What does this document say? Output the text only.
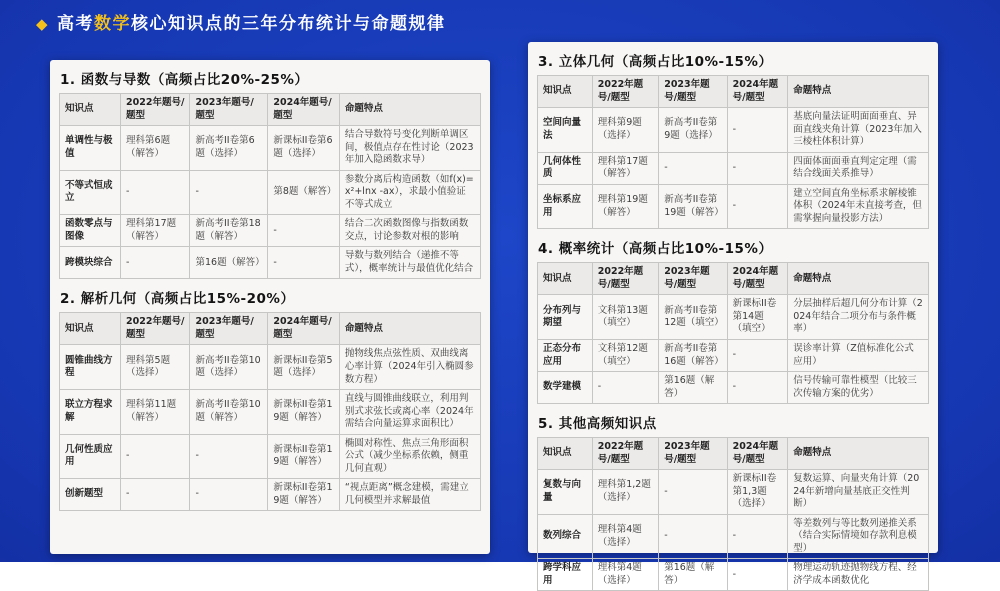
◆ 高考数学核心知识点的三年分布统计与命题规律
1. 函数与导数（高频占比20%-25%）
知识点	2022年题号/题型	2023年题号/题型	2024年题号/题型	命题特点
单调性与极值	理科第6题（解答）	新高考II卷第6题（选择）	新课标II卷第6题（选择）	结合导数符号变化判断单调区间，极值点存在性讨论（2023年加入隐函数求导）
不等式恒成立	-	-	第8题（解答）	参数分离后构造函数（如f(x)=x²+lnx -ax），求最小值验证不等式成立
函数零点与图像	理科第17题（解答）	新高考II卷第18题（解答）	-	结合二次函数图像与指数函数交点，讨论参数对根的影响
跨模块综合	-	第16题（解答）	-	导数与数列结合（递推不等式），概率统计与最值优化结合
2. 解析几何（高频占比15%-20%）
知识点	2022年题号/题型	2023年题号/题型	2024年题号/题型	命题特点
圆锥曲线方程	理科第5题（选择）	新高考II卷第10题（选择）	新课标II卷第5题（选择）	抛物线焦点弦性质、双曲线离心率计算（2024年引入椭圆参数方程）
联立方程求解	理科第11题（解答）	新高考II卷第10题（解答）	新课标II卷第19题（解答）	直线与圆锥曲线联立，利用判别式求弦长或离心率（2024年需结合向量运算求面积比）
几何性质应用	-	-	新课标II卷第19题（解答）	椭圆对称性、焦点三角形面积公式（减少坐标系依赖，侧重几何直观）
创新题型	-	-	新课标II卷第19题（解答）	“视点距离”概念建模，需建立几何模型并求解最值
3. 立体几何（高频占比10%-15%）
知识点	2022年题号/题型	2023年题号/题型	2024年题号/题型	命题特点
空间向量法	理科第9题（选择）	新高考II卷第9题（选择）	-	基底向量法证明面面垂直、异面直线夹角计算（2023年加入三棱柱体积计算）
几何体性质	理科第17题（解答）	-	-	四面体面面垂直判定定理（需结合线面关系推导）
坐标系应用	理科第19题（解答）	新高考II卷第19题（解答）	-	建立空间直角坐标系求解棱锥体积（2024年未直接考查，但需掌握向量投影方法）
4. 概率统计（高频占比10%-15%）
知识点	2022年题号/题型	2023年题号/题型	2024年题号/题型	命题特点
分布列与期望	文科第13题（填空）	新高考II卷第12题（填空）	新课标II卷第14题（填空）	分层抽样后超几何分布计算（2024年结合二项分布与条件概率）
正态分布应用	文科第12题（填空）	新高考II卷第16题（解答）	-	误诊率计算（Z值标准化公式应用）
数学建模	-	第16题（解答）	-	信号传输可靠性模型（比较三次传输方案的优劣）
5. 其他高频知识点
知识点	2022年题号/题型	2023年题号/题型	2024年题号/题型	命题特点
复数与向量	理科第1,2题（选择）	-	新课标II卷第1,3题（选择）	复数运算、向量夹角计算（2024年新增向量基底正交性判断）
数列综合	理科第4题（选择）	-	-	等差数列与等比数列递推关系（结合实际情境如存款利息模型）
跨学科应用	理科第4题（选择）	第16题（解答）	-	物理运动轨迹抛物线方程、经济学成本函数优化
